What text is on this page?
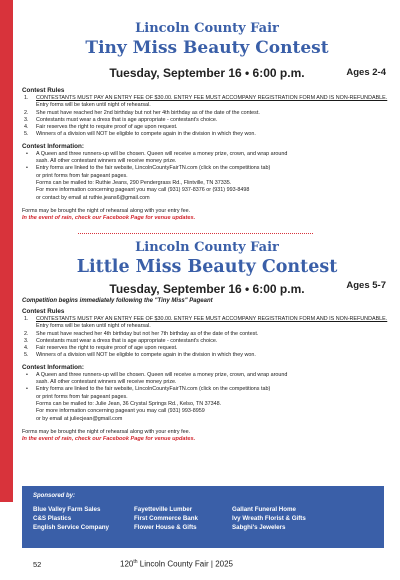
Lincoln County Fair
Tiny Miss Beauty Contest
Tuesday, September 16 • 6:00 p.m.	Ages 2-4
Contest Rules
1. CONTESTANTS MUST PAY AN ENTRY FEE OF $30.00. ENTRY FEE MUST ACCOMPANY REGISTRATION FORM AND IS NON-REFUNDABLE. Entry forms will be taken until night of rehearsal.
2. She must have reached her 2nd birthday but not her 4th birthday as of the date of the contest.
3. Contestants must wear a dress that is age appropriate - contestant's choice.
4. Fair reserves the right to require proof of age upon request.
5. Winners of a division will NOT be eligible to compete again in the division in which they won.
Contest Information:
• A Queen and three runners-up will be chosen. Queen will receive a money prize, crown, and wrap around
sash. All other contestant winners will receive money prize.
• Entry forms are linked to the fair website, LincolnCountyFairTN.com (click on the competitions tab)
or print forms from fair pageant pages.
Forms can be mailed to: Ruthie Jeans, 290 Pendergrass Rd., Flintville, TN 37335.
For more information concerning pageant you may call (931) 937-8376 or (931) 993-8498
or contact by email at ruthie.jeans6@gmail.com
Forms may be brought the night of rehearsal along with your entry fee.
In the event of rain, check our Facebook Page for venue updates.
Lincoln County Fair
Little Miss Beauty Contest
Tuesday, September 16 • 6:00 p.m.	Ages 5-7
Competition begins immediately following the "Tiny Miss" Pageant
Contest Rules
1. CONTESTANTS MUST PAY AN ENTRY FEE OF $30.00. ENTRY FEE MUST ACCOMPANY REGISTRATION FORM AND IS NON-REFUNDABLE. Entry forms will be taken until night of rehearsal.
2. She must have reached her 4th birthday but not her 7th birthday as of the date of the contest.
3. Contestants must wear a dress that is age appropriate - contestant's choice.
4. Fair reserves the right to require proof of age upon request.
5. Winners of a division will NOT be eligible to compete again in the division in which they won.
Contest Information:
• A Queen and three runners-up will be chosen. Queen will receive a money prize, crown, and wrap around
sash. All other contestant winners will receive money prize.
• Entry forms are linked to the fair website, LincolnCountyFairTN.com (click on the competitions tab)
or print forms from fair pageant pages.
Forms can be mailed to: Julie Jean, 36 Crystal Springs Rd., Kelso, TN 37348.
For more information concerning pageant you may call (931) 993-8959
or by email at juliecjean@gmail.com
Forms may be brought the night of rehearsal along with your entry fee.
In the event of rain, check our Facebook Page for venue updates.
Sponsored by:
Blue Valley Farm Sales
C&S Plastics
English Service Company
Fayetteville Lumber
First Commerce Bank
Flower House & Gifts
Gallant Funeral Home
Ivy Wreath Florist & Gifts
Sabghi's Jewelers
52	120th Lincoln County Fair | 2025
